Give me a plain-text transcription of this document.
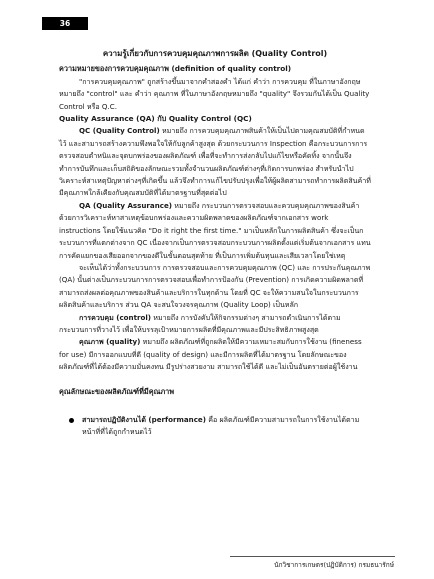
36

ความรู้เกี่ยวกับการควบคุมคุณภาพการผลิต (Quality Control)

ความหมายของการควบคุมคุณภาพ (definition of quality control)

"การควบคุมคุณภาพ" ถูกสร้างขึ้นมาจากคำสองคำ ได้แก่ คำว่า การควบคุม ที่ในภาษาอังกฤษหมายถึง "control" และ คำว่า คุณภาพ ที่ในภาษาอังกฤษหมายถึง "quality" จึงรวมกันได้เป็น Quality Control หรือ Q.C.

Quality Assurance (QA) กับ Quality Control (QC)

QC (Quality Control) หมายถึง การควบคุมคุณภาพสินค้าให้เป็นไปตามคุณสมบัติที่กำหนดไว้ และสามารถสร้างความพึงพอใจให้กับลูกค้าสูงสุด ด้วยกระบวนการ Inspection คือกระบวนการการตรวจสอบตำหนิและจุดบกพร่องของผลิตภัณฑ์ เพื่อที่จะทำการส่งกลับไปแก้ไขหรือคัดทิ้ง จากนั้นจึงทำการบันทึกและเก็บสถิติของลักษณะรวมทั้งจำนวนผลิตภัณฑ์ต่างๆที่เกิดการบกพร่อง สำหรับนำไปวิเคราะห์สาเหตุปัญหาต่างๆที่เกิดขึ้น แล้วจึงทำการแก้ไขปรับปรุงเพื่อให้ผู้ผลิตสามารถทำการผลิตสินค้าที่มีคุณภาพใกล้เคียงกับคุณสมบัติที่ได้มาตรฐานที่สุดต่อไป

QA (Quality Assurance) หมายถึง กระบวนการตรวจสอบและควบคุมคุณภาพของสินค้า ด้วยการวิเคราะห์หาสาเหตุข้อบกพร่องและความผิดพลาดของผลิตภัณฑ์จากเอกสาร work instructions โดยใช้แนวคิด "Do it right the first time." มาเป็นหลักในการผลิตสินค้า ซึ่งจะเป็นกระบวนการที่แตกต่างจาก QC เนื่องจากเป็นการตรวจสอบกระบวนการผลิตตั้งแต่เริ่มต้นจากเอกสาร แทนการคัดแยกของเสียออกจากของดีในขั้นตอนสุดท้าย ที่เป็นการเพิ่มต้นทุนและเสียเวลาโดยใช่เหตุ

จะเห็นได้ว่าทั้งกระบวนการ การตรวจสอบและการควบคุมคุณภาพ (QC) และ การประกันคุณภาพ (QA) นั้นต่างเป็นกระบวนการการตรวจสอบเพื่อทำการป้องกัน (Prevention) การเกิดความผิดพลาดที่สามารถส่งผลต่อคุณภาพของสินค้าและบริการในทุกด้าน โดยที่ QC จะให้ความสนใจในกระบวนการผลิตสินค้าและบริการ ส่วน QA จะสนใจวงจรคุณภาพ (Quality Loop) เป็นหลัก

การควบคุม (control) หมายถึง การบังคับให้กิจกรรมต่างๆ สามารถดำเนินการได้ตามกระบวนการที่วางไว้ เพื่อให้บรรลุเป้าหมายการผลิตที่มีคุณภาพและมีประสิทธิภาพสูงสุด

คุณภาพ (quality) หมายถึง ผลิตภัณฑ์ที่ถูกผลิตให้มีความเหมาะสมกับการใช้งาน (fineness for use) มีการออกแบบที่ดี (quality of design) และมีการผลิตที่ได้มาตรฐาน โดยลักษณะของผลิตภัณฑ์ที่ได้ต้องมีความมั่นคงทน มีรูปร่างสวยงาม สามารถใช้ได้ดี และไม่เป็นอันตรายต่อผู้ใช้งาน

คุณลักษณะของผลิตภัณฑ์ที่มีคุณภาพ

สามารถปฏิบัติงานได้ (performance) คือ ผลิตภัณฑ์มีความสามารถในการใช้งานได้ตามหน้าที่ที่ได้ถูกกำหนดไว้
นักวิชาการเกษตร(ปฏิบัติการ) กรมธนารักษ์
